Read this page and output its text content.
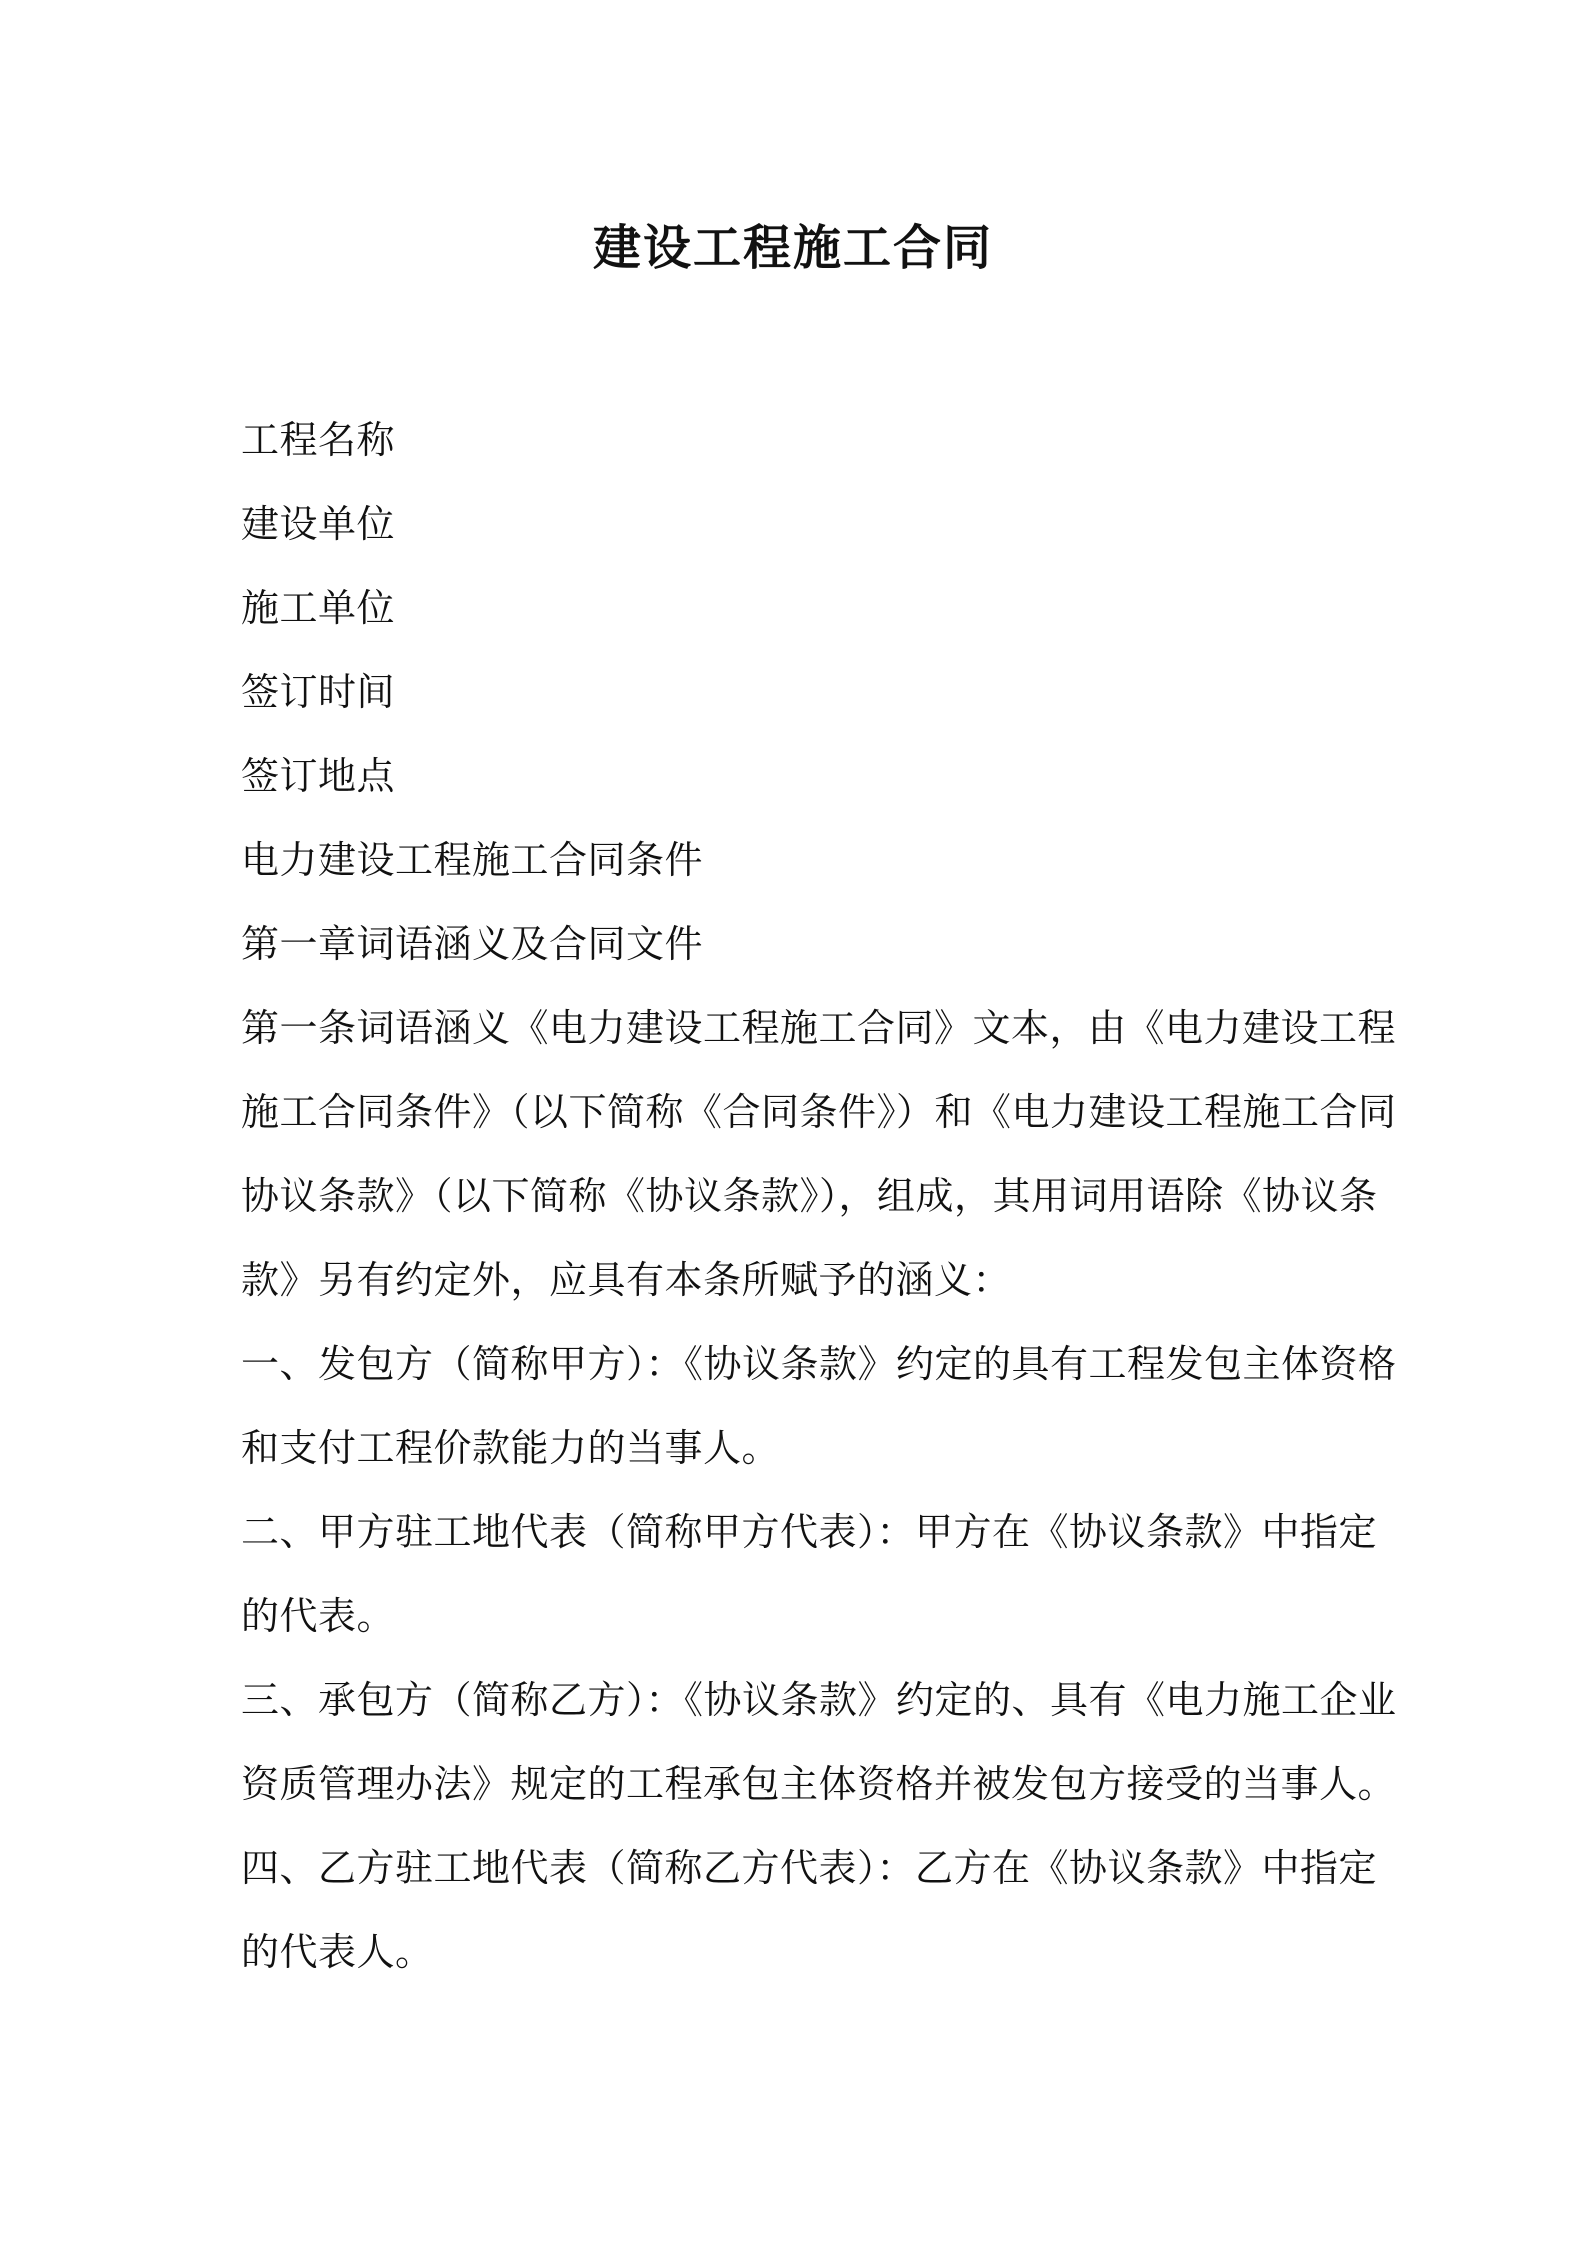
建设工程施工合同
工程名称
建设单位
施工单位
签订时间
签订地点
电力建设工程施工合同条件
第一章词语涵义及合同文件
第一条词语涵义《电力建设工程施工合同》文本，由《电力建设工程
施工合同条件》（以下简称《合同条件》）和《电力建设工程施工合同
协议条款》（以下简称《协议条款》），组成，其用词用语除《协议条
款》另有约定外，应具有本条所赋予的涵义：
一、发包方（简称甲方）：《协议条款》约定的具有工程发包主体资格
和支付工程价款能力的当事人。
二、甲方驻工地代表（简称甲方代表）：甲方在《协议条款》中指定
的代表。
三、承包方（简称乙方）：《协议条款》约定的、具有《电力施工企业
资质管理办法》规定的工程承包主体资格并被发包方接受的当事人。
四、乙方驻工地代表（简称乙方代表）：乙方在《协议条款》中指定
的代表人。
